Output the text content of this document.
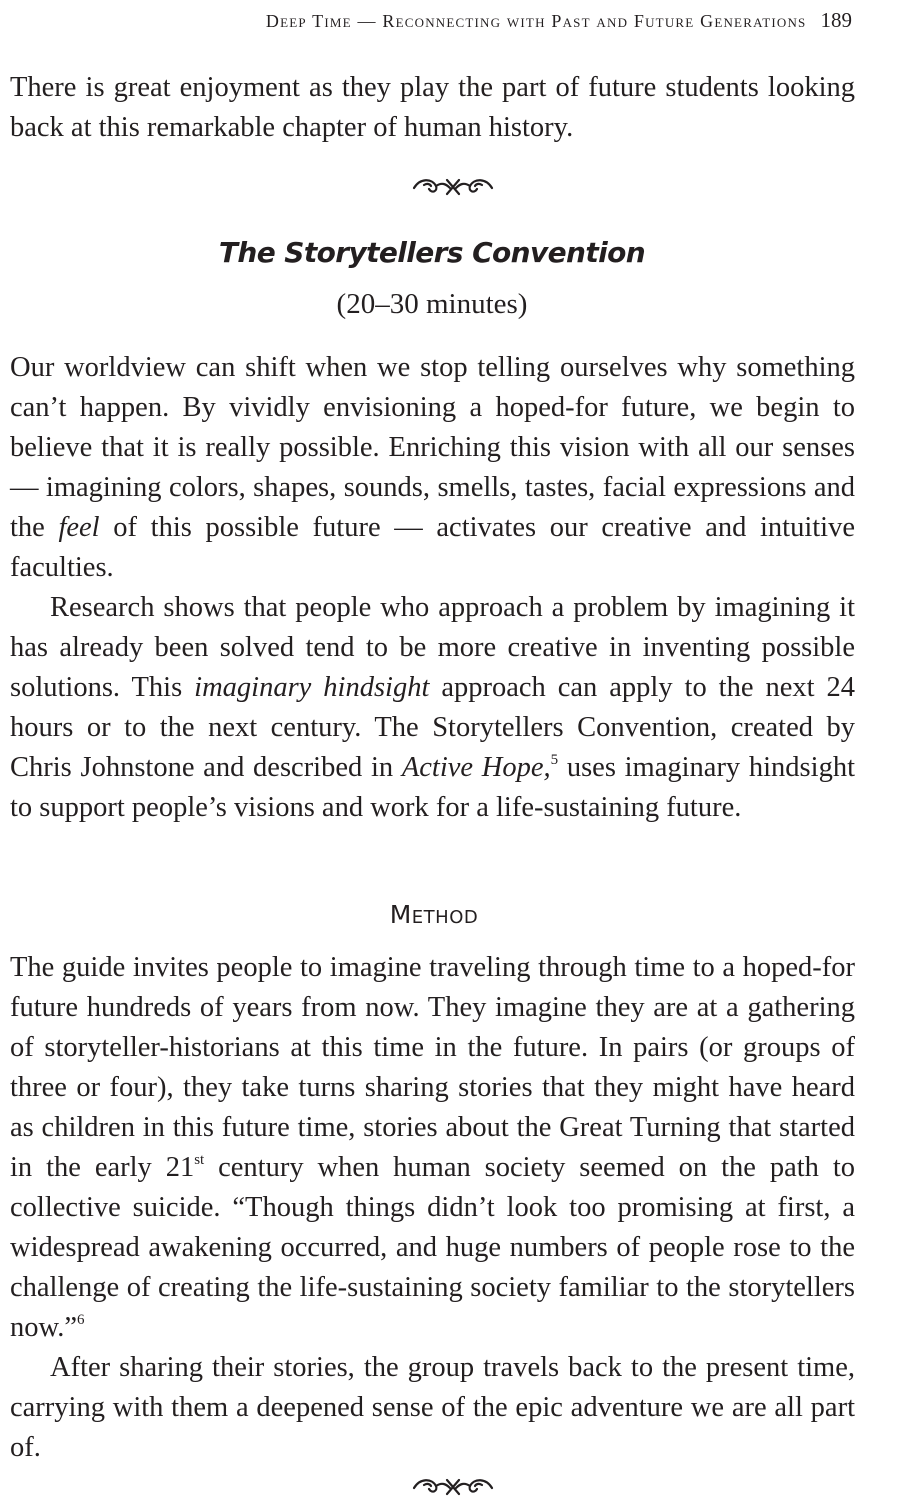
Deep Time — Reconnecting with Past and Future Generations 189

There is great enjoyment as they play the part of future students looking back at this remarkable chapter of human history.

The Storytellers Convention
(20–30 minutes)

Our worldview can shift when we stop telling ourselves why something can’t happen. By vividly envisioning a hoped-for future, we begin to believe that it is really possible. Enriching this vision with all our senses — imagining colors, shapes, sounds, smells, tastes, facial expressions and the feel of this possible future — activates our creative and intuitive faculties.

Research shows that people who approach a problem by imagining it has already been solved tend to be more creative in inventing possible solutions. This imaginary hindsight approach can apply to the next 24 hours or to the next century. The Storytellers Convention, created by Chris Johnstone and described in Active Hope,$^5$ uses imaginary hindsight to support people’s visions and work for a life-sustaining future.

Method

The guide invites people to imagine traveling through time to a hoped-for future hundreds of years from now. They imagine they are at a gathering of storyteller-historians at this time in the future. In pairs (or groups of three or four), they take turns sharing stories that they might have heard as children in this future time, stories about the Great Turning that started in the early 21st century when human society seemed on the path to collective suicide. “Though things didn’t look too promising at first, a widespread awakening occurred, and huge numbers of people rose to the challenge of creating the life-sustaining society familiar to the storytellers now.”$^6$

After sharing their stories, the group travels back to the present time, carrying with them a deepened sense of the epic adventure we are all part of.
